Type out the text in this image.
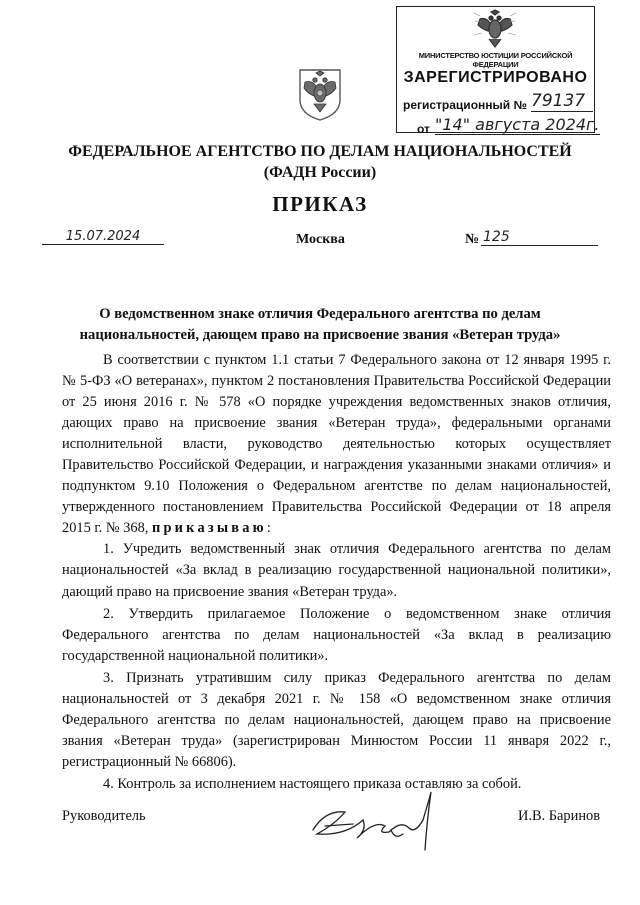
МИНИСТЕРСТВО ЮСТИЦИИ РОССИЙСКОЙ ФЕДЕРАЦИИ
ЗАРЕГИСТРИРОВАНО
регистрационный № 79137
от "14" августа 2024г.
ФЕДЕРАЛЬНОЕ АГЕНТСТВО ПО ДЕЛАМ НАЦИОНАЛЬНОСТЕЙ
(ФАДН России)
ПРИКАЗ
15.07.2024	Москва	№ 125
О ведомственном знаке отличия Федерального агентства по делам национальностей, дающем право на присвоение звания «Ветеран труда»

В соответствии с пунктом 1.1 статьи 7 Федерального закона от 12 января 1995 г. № 5-ФЗ «О ветеранах», пунктом 2 постановления Правительства Российской Федерации от 25 июня 2016 г. № 578 «О порядке учреждения ведомственных знаков отличия, дающих право на присвоение звания «Ветеран труда», федеральными органами исполнительной власти, руководство деятельностью которых осуществляет Правительство Российской Федерации, и награждения указанными знаками отличия» и подпунктом 9.10 Положения о Федеральном агентстве по делам национальностей, утвержденного постановлением Правительства Российской Федерации от 18 апреля 2015 г. № 368, приказываю:

1. Учредить ведомственный знак отличия Федерального агентства по делам национальностей «За вклад в реализацию государственной национальной политики», дающий право на присвоение звания «Ветеран труда».

2. Утвердить прилагаемое Положение о ведомственном знаке отличия Федерального агентства по делам национальностей «За вклад в реализацию государственной национальной политики».

3. Признать утратившим силу приказ Федерального агентства по делам национальностей от 3 декабря 2021 г. № 158 «О ведомственном знаке отличия Федерального агентства по делам национальностей, дающем право на присвоение звания «Ветеран труда» (зарегистрирован Минюстом России 11 января 2022 г., регистрационный № 66806).

4. Контроль за исполнением настоящего приказа оставляю за собой.

Руководитель	И.В. Баринов
